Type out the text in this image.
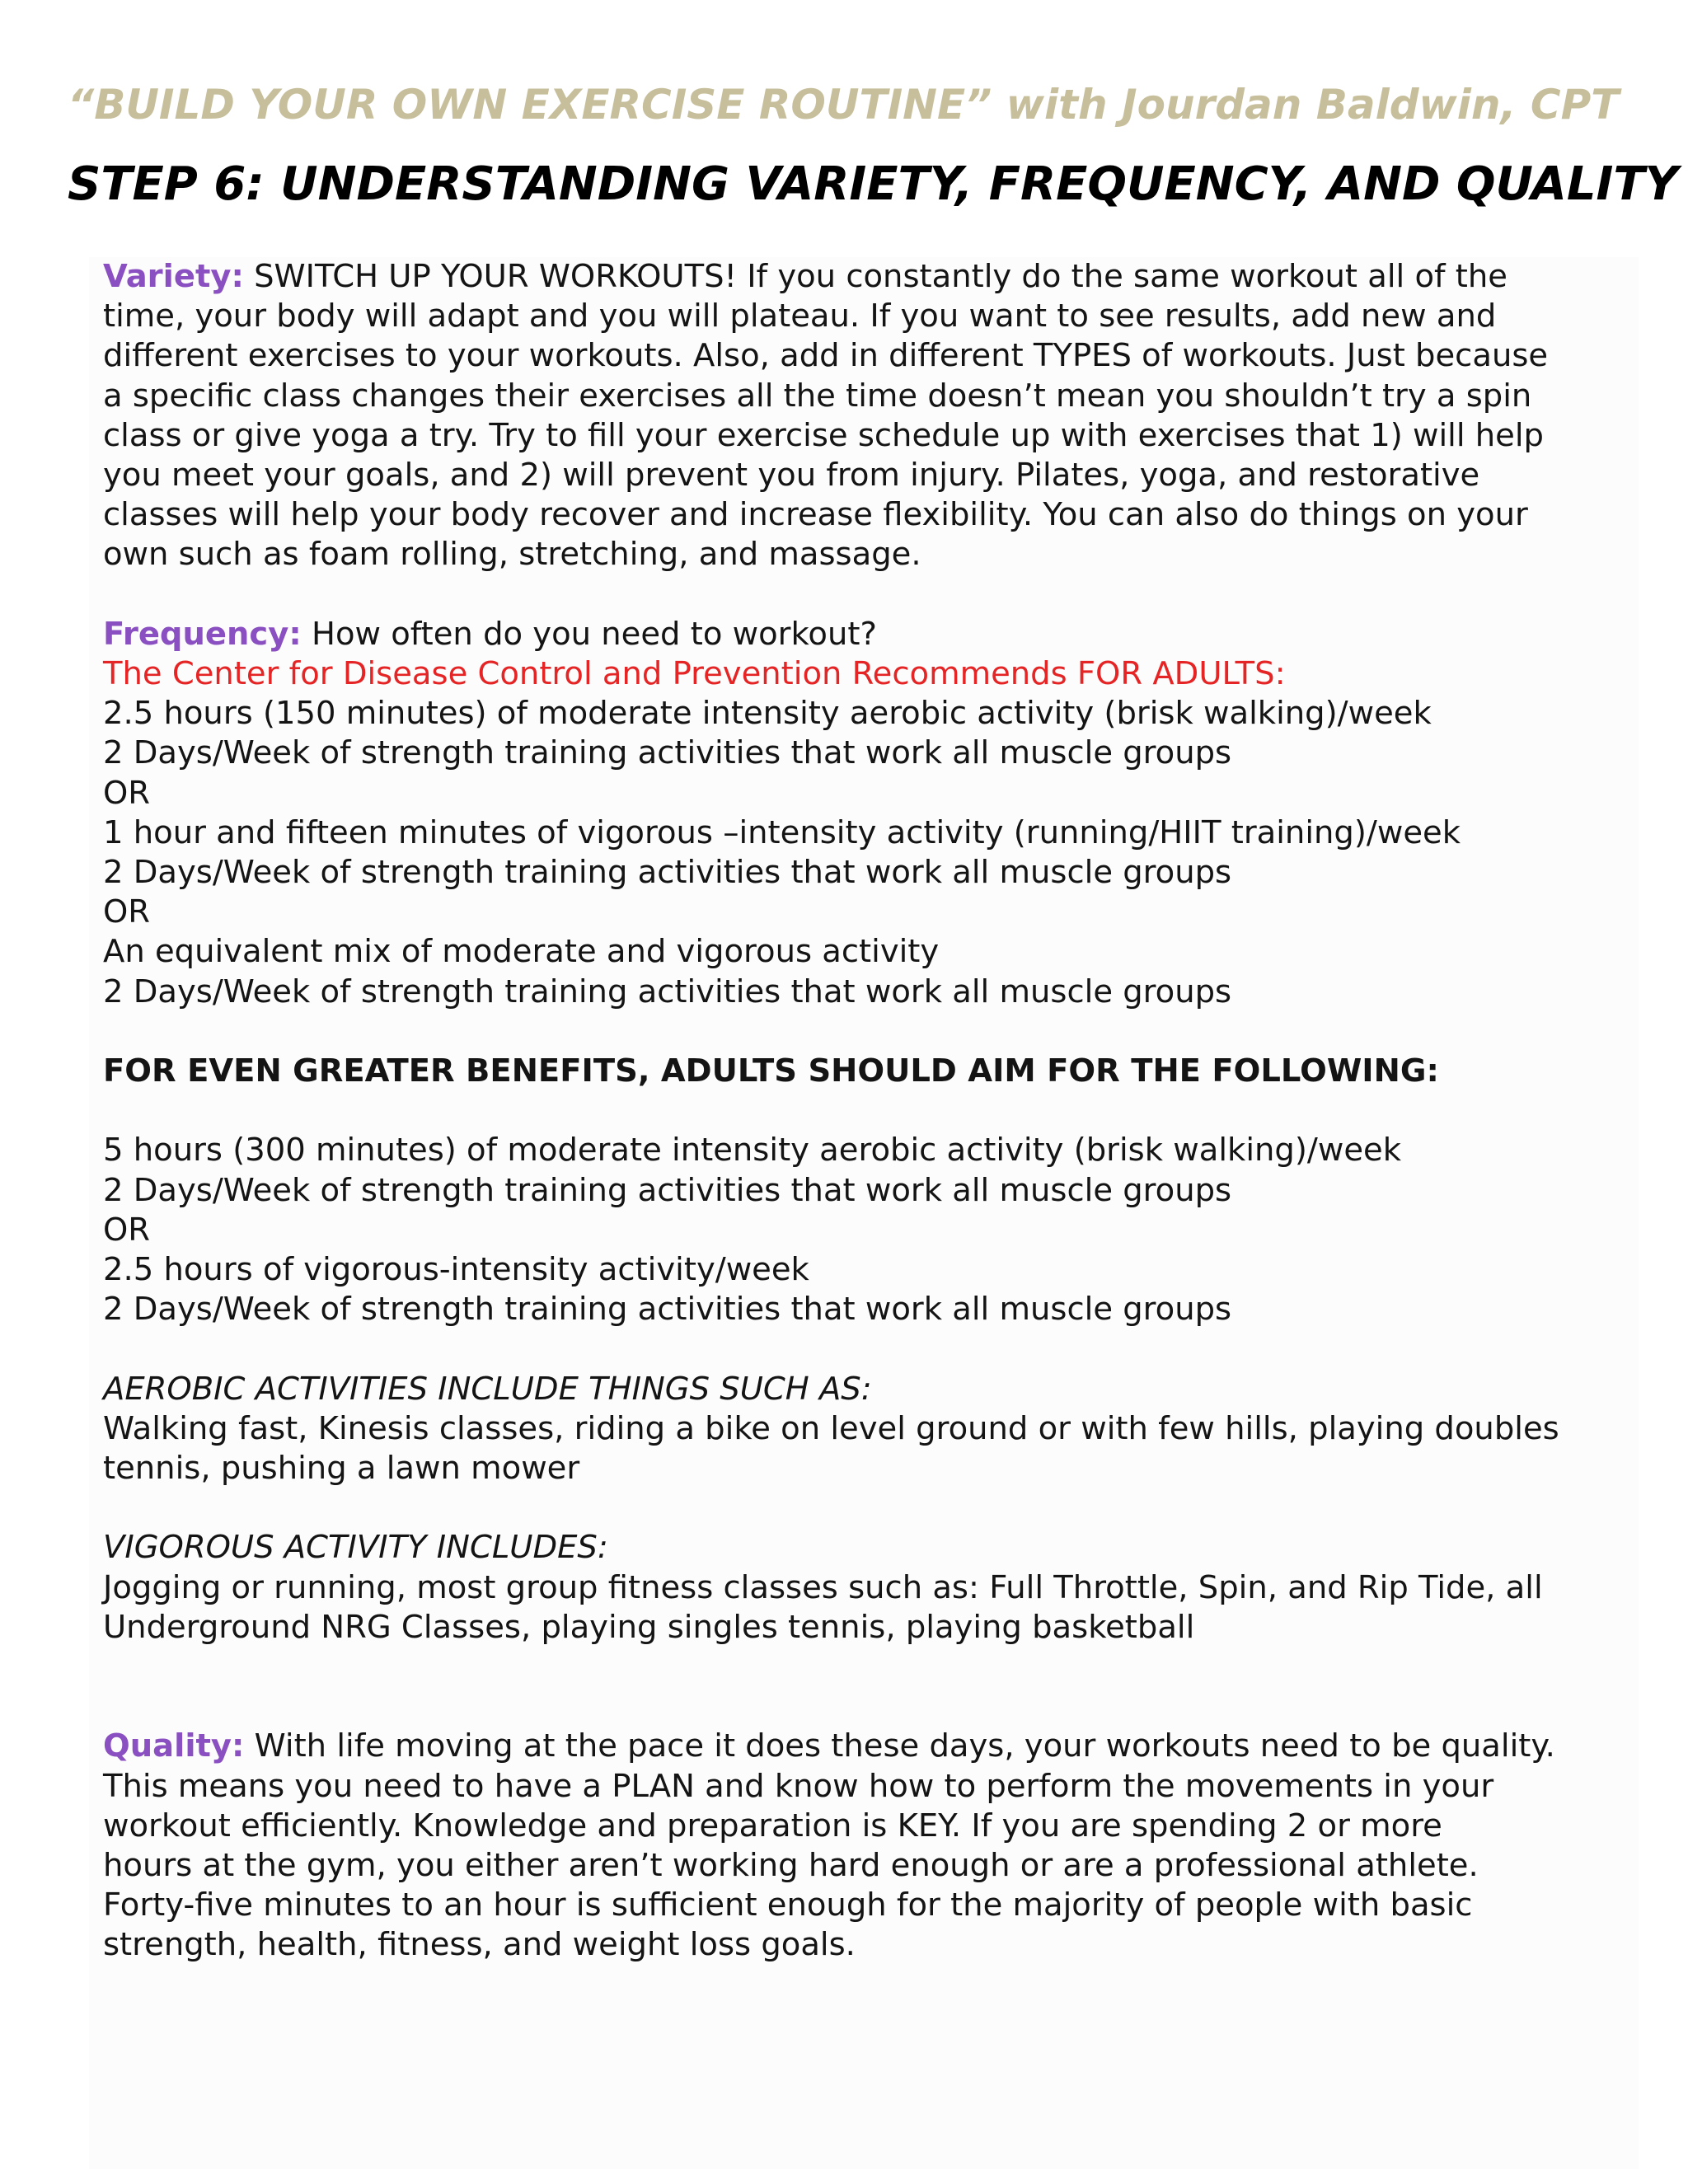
“BUILD YOUR OWN EXERCISE ROUTINE” with Jourdan Baldwin, CPT
STEP 6: UNDERSTANDING VARIETY, FREQUENCY, AND QUALITY
Variety: SWITCH UP YOUR WORKOUTS! If you constantly do the same workout all of the
time, your body will adapt and you will plateau. If you want to see results, add new and
different exercises to your workouts. Also, add in different TYPES of workouts. Just because
a specific class changes their exercises all the time doesn’t mean you shouldn’t try a spin
class or give yoga a try. Try to fill your exercise schedule up with exercises that 1) will help
you meet your goals, and 2) will prevent you from injury. Pilates, yoga, and restorative
classes will help your body recover and increase flexibility. You can also do things on your
own such as foam rolling, stretching, and massage.
Frequency: How often do you need to workout?
The Center for Disease Control and Prevention Recommends FOR ADULTS:
2.5 hours (150 minutes) of moderate intensity aerobic activity (brisk walking)/week
2 Days/Week of strength training activities that work all muscle groups
OR
1 hour and fifteen minutes of vigorous –intensity activity (running/HIIT training)/week
2 Days/Week of strength training activities that work all muscle groups
OR
An equivalent mix of moderate and vigorous activity
2 Days/Week of strength training activities that work all muscle groups
FOR EVEN GREATER BENEFITS, ADULTS SHOULD AIM FOR THE FOLLOWING:
5 hours (300 minutes) of moderate intensity aerobic activity (brisk walking)/week
2 Days/Week of strength training activities that work all muscle groups
OR
2.5 hours of vigorous-intensity activity/week
2 Days/Week of strength training activities that work all muscle groups
AEROBIC ACTIVITIES INCLUDE THINGS SUCH AS:
Walking fast, Kinesis classes, riding a bike on level ground or with few hills, playing doubles
tennis, pushing a lawn mower
VIGOROUS ACTIVITY INCLUDES:
Jogging or running, most group fitness classes such as: Full Throttle, Spin, and Rip Tide, all
Underground NRG Classes, playing singles tennis, playing basketball
Quality: With life moving at the pace it does these days, your workouts need to be quality.
This means you need to have a PLAN and know how to perform the movements in your
workout efficiently. Knowledge and preparation is KEY. If you are spending 2 or more
hours at the gym, you either aren’t working hard enough or are a professional athlete.
Forty-five minutes to an hour is sufficient enough for the majority of people with basic
strength, health, fitness, and weight loss goals.
